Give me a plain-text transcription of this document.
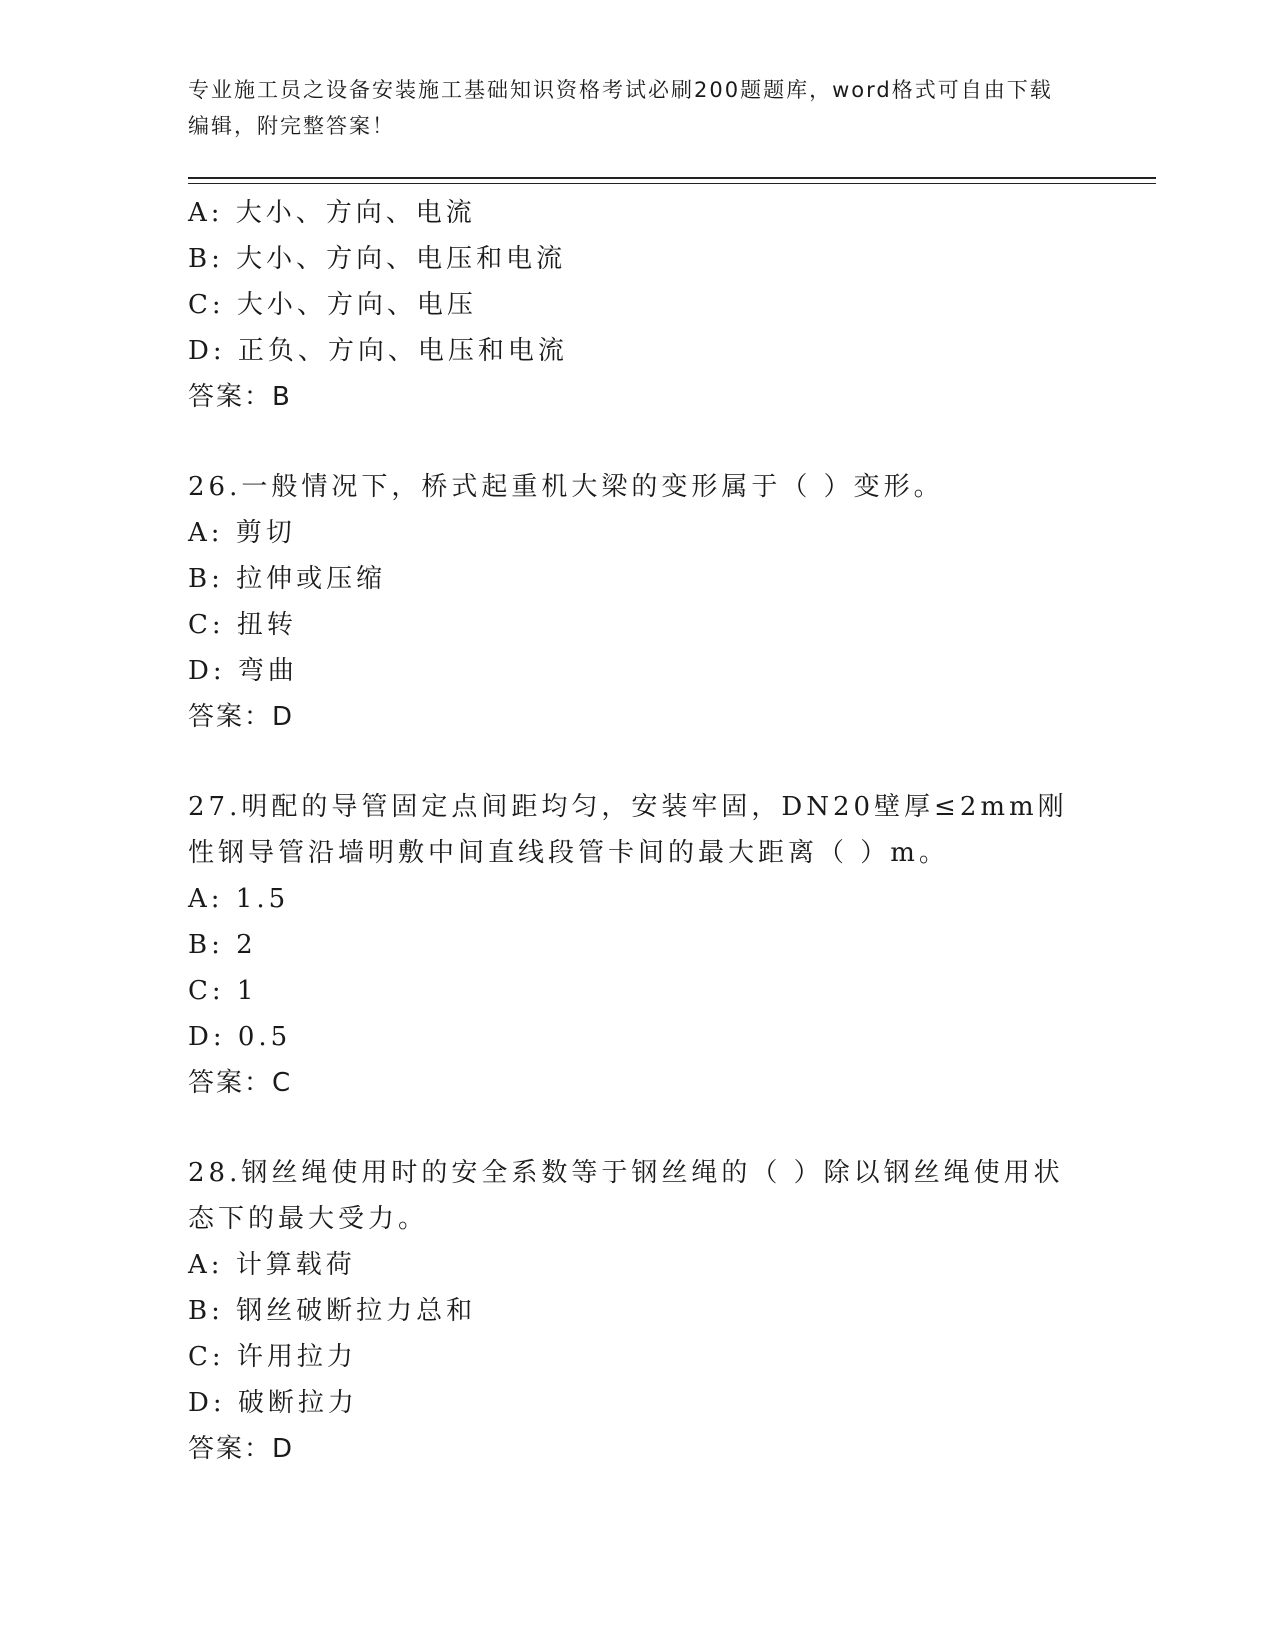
专业施工员之设备安装施工基础知识资格考试必刷200题题库，word格式可自由下载编辑，附完整答案！
A: 大小、方向、电流
B: 大小、方向、电压和电流
C: 大小、方向、电压
D: 正负、方向、电压和电流
答案：B
26.一般情况下，桥式起重机大梁的变形属于（ ）变形。
A: 剪切
B: 拉伸或压缩
C: 扭转
D: 弯曲
答案：D
27.明配的导管固定点间距均匀，安装牢固，DN20壁厚≤2mm刚性钢导管沿墙明敷中间直线段管卡间的最大距离（ ）m。
A: 1.5
B: 2
C: 1
D: 0.5
答案：C
28.钢丝绳使用时的安全系数等于钢丝绳的（ ）除以钢丝绳使用状态下的最大受力。
A: 计算载荷
B: 钢丝破断拉力总和
C: 许用拉力
D: 破断拉力
答案：D
